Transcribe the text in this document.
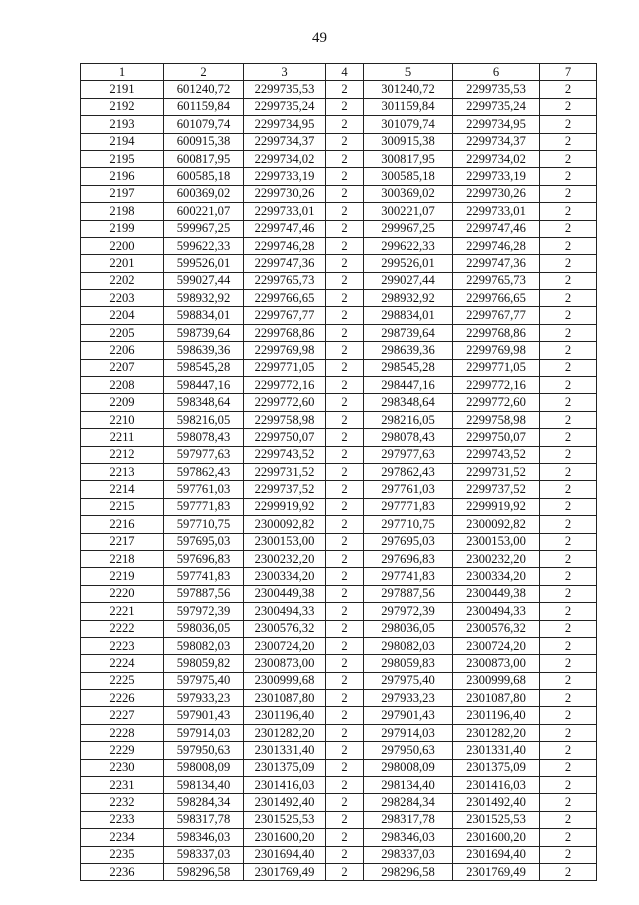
49
1	2	3	4	5	6	7
2191	601240,72	2299735,53	2	301240,72	2299735,53	2
2192	601159,84	2299735,24	2	301159,84	2299735,24	2
2193	601079,74	2299734,95	2	301079,74	2299734,95	2
2194	600915,38	2299734,37	2	300915,38	2299734,37	2
2195	600817,95	2299734,02	2	300817,95	2299734,02	2
2196	600585,18	2299733,19	2	300585,18	2299733,19	2
2197	600369,02	2299730,26	2	300369,02	2299730,26	2
2198	600221,07	2299733,01	2	300221,07	2299733,01	2
2199	599967,25	2299747,46	2	299967,25	2299747,46	2
2200	599622,33	2299746,28	2	299622,33	2299746,28	2
2201	599526,01	2299747,36	2	299526,01	2299747,36	2
2202	599027,44	2299765,73	2	299027,44	2299765,73	2
2203	598932,92	2299766,65	2	298932,92	2299766,65	2
2204	598834,01	2299767,77	2	298834,01	2299767,77	2
2205	598739,64	2299768,86	2	298739,64	2299768,86	2
2206	598639,36	2299769,98	2	298639,36	2299769,98	2
2207	598545,28	2299771,05	2	298545,28	2299771,05	2
2208	598447,16	2299772,16	2	298447,16	2299772,16	2
2209	598348,64	2299772,60	2	298348,64	2299772,60	2
2210	598216,05	2299758,98	2	298216,05	2299758,98	2
2211	598078,43	2299750,07	2	298078,43	2299750,07	2
2212	597977,63	2299743,52	2	297977,63	2299743,52	2
2213	597862,43	2299731,52	2	297862,43	2299731,52	2
2214	597761,03	2299737,52	2	297761,03	2299737,52	2
2215	597771,83	2299919,92	2	297771,83	2299919,92	2
2216	597710,75	2300092,82	2	297710,75	2300092,82	2
2217	597695,03	2300153,00	2	297695,03	2300153,00	2
2218	597696,83	2300232,20	2	297696,83	2300232,20	2
2219	597741,83	2300334,20	2	297741,83	2300334,20	2
2220	597887,56	2300449,38	2	297887,56	2300449,38	2
2221	597972,39	2300494,33	2	297972,39	2300494,33	2
2222	598036,05	2300576,32	2	298036,05	2300576,32	2
2223	598082,03	2300724,20	2	298082,03	2300724,20	2
2224	598059,82	2300873,00	2	298059,83	2300873,00	2
2225	597975,40	2300999,68	2	297975,40	2300999,68	2
2226	597933,23	2301087,80	2	297933,23	2301087,80	2
2227	597901,43	2301196,40	2	297901,43	2301196,40	2
2228	597914,03	2301282,20	2	297914,03	2301282,20	2
2229	597950,63	2301331,40	2	297950,63	2301331,40	2
2230	598008,09	2301375,09	2	298008,09	2301375,09	2
2231	598134,40	2301416,03	2	298134,40	2301416,03	2
2232	598284,34	2301492,40	2	298284,34	2301492,40	2
2233	598317,78	2301525,53	2	298317,78	2301525,53	2
2234	598346,03	2301600,20	2	298346,03	2301600,20	2
2235	598337,03	2301694,40	2	298337,03	2301694,40	2
2236	598296,58	2301769,49	2	298296,58	2301769,49	2
